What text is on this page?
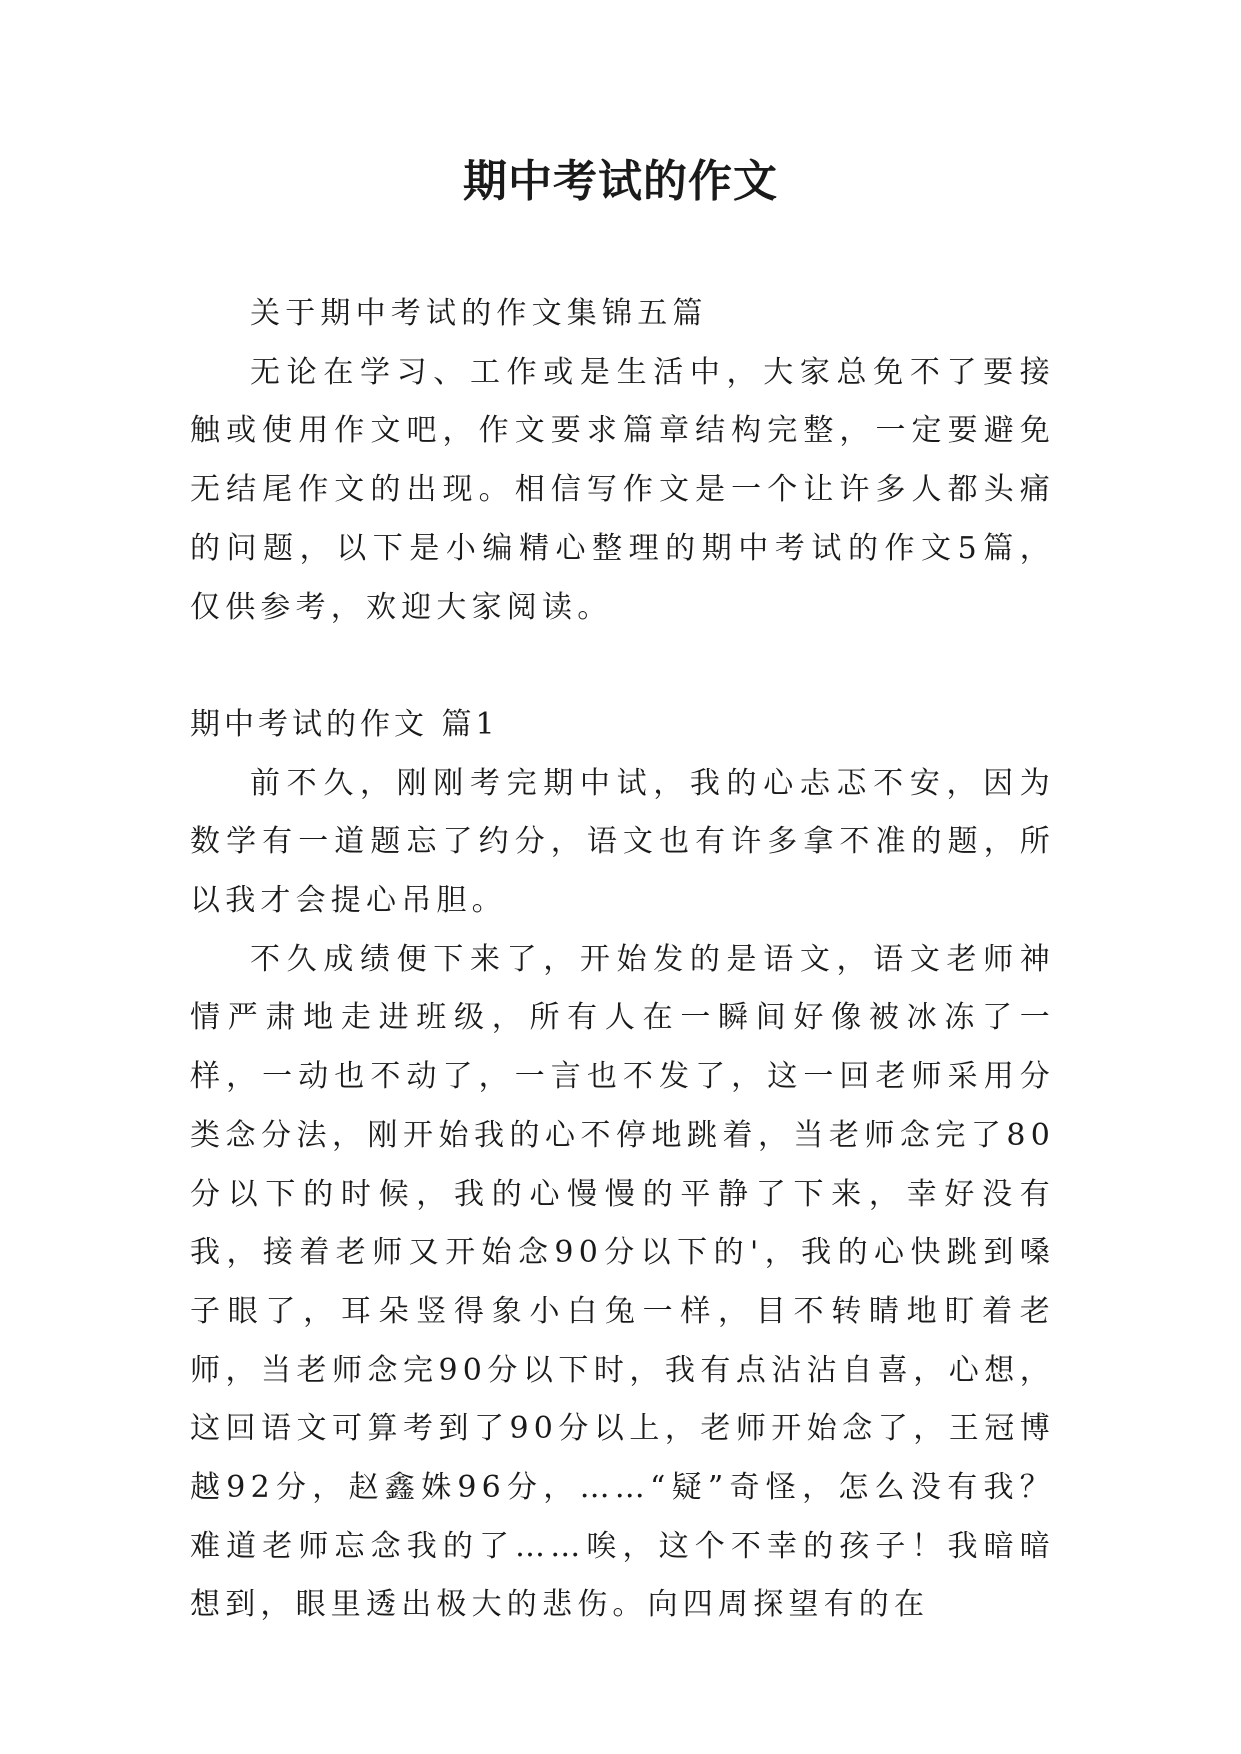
期中考试的作文

关于期中考试的作文集锦五篇

无论在学习、工作或是生活中，大家总免不了要接触或使用作文吧，作文要求篇章结构完整，一定要避免无结尾作文的出现。相信写作文是一个让许多人都头痛的问题，以下是小编精心整理的期中考试的作文5篇，仅供参考，欢迎大家阅读。

期中考试的作文 篇1

前不久，刚刚考完期中试，我的心忐忑不安，因为数学有一道题忘了约分，语文也有许多拿不准的题，所以我才会提心吊胆。

不久成绩便下来了，开始发的是语文，语文老师神情严肃地走进班级，所有人在一瞬间好像被冰冻了一样，一动也不动了，一言也不发了，这一回老师采用分类念分法，刚开始我的心不停地跳着，当老师念完了80分以下的时候，我的心慢慢的平静了下来，幸好没有我，接着老师又开始念90分以下的'，我的心快跳到嗓子眼了，耳朵竖得象小白兔一样，目不转睛地盯着老师，当老师念完90分以下时，我有点沾沾自喜，心想，这回语文可算考到了90分以上，老师开始念了，王冠博越92分，赵鑫姝96分，……“疑”奇怪，怎么没有我？难道老师忘念我的了……唉，这个不幸的孩子！我暗暗想到，眼里透出极大的悲伤。向四周探望有的在
